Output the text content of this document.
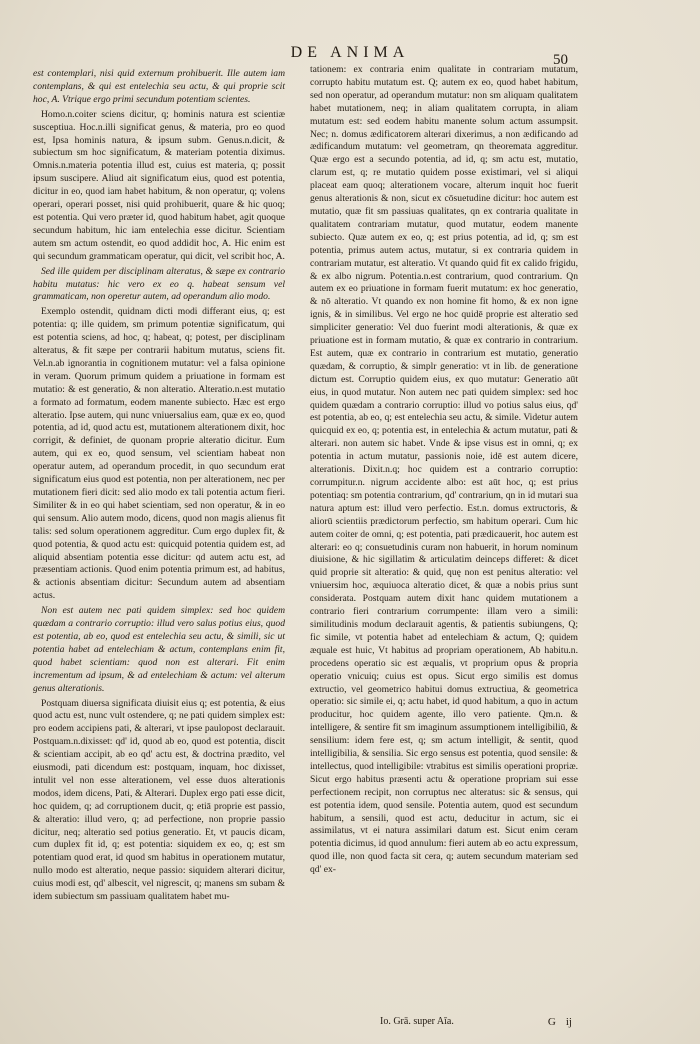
DE ANIMA	50

est contemplari, nisi quid externum prohibuerit. Ille autem iam contemplans, & qui est entelechia seu actu, & qui proprie scit hoc, A. Vtrique ergo primi secundum potentiam scientes.

Homo.n.coiter sciens dicitur, q; hominis natura est scientiæ susceptiua. Hoc.n.illi significat genus, & materia, pro eo quod est, Ipsa hominis natura, & ipsum subm. Genus.n.dicit, & subiectum sm hoc significatum, & materiam potentia diximus. Omnis.n.materia potentia illud est, cuius est materia, q; possit ipsum suscipere. Aliud ait significatum eius, quod est potentia, dicitur in eo, quod iam habet habitum, & non operatur, q; volens operari, operari posset, nisi quid prohibuerit, quare & hic quoq; est potentia. Qui vero præter id, quod habitum habet, agit quoque secundum habitum, hic iam entelechia esse dicitur. Scientiam autem sm actum ostendit, eo quod addidit hoc, A. Hic enim est qui secundum grammaticam operatur, qui dicit, vel scribit hoc, A.

Sed ille quidem per disciplinam alteratus, & sæpe ex contrario habitu mutatus: hic vero ex eo q. habeat sensum vel grammaticam, non operetur autem, ad operandum alio modo.

Exemplo ostendit, quidnam dicti modi differant eius, q; est potentia: q; ille quidem, sm primum potentiæ significatum, qui est potentia sciens, ad hoc, q; habeat, q; potest, per disciplinam alteratus, & fit sæpe per contrarii habitum mutatus, sciens fit. Vel.n.ab ignorantia in cognitionem mutatur: vel a falsa opinione in veram. Quorum primum quidem a priuatione in formam est mutatio: & est generatio, & non alteratio. Alteratio.n.est mutatio a formato ad formatum, eodem manente subiecto. Hæc est ergo alteratio. Ipse autem, qui nunc vniuersalius eam, quæ ex eo, quod potentia, ad id, quod actu est, mutationem alterationem dixit, hoc corrigit, & definiet, de quonam proprie alteratio dicitur. Eum autem, qui ex eo, quod sensum, vel scientiam habeat non operatur autem, ad operandum procedit, in quo secundum erat significatum eius quod est potentia, non per alterationem, nec per mutationem fieri dicit: sed alio modo ex tali potentia actum fieri. Similiter & in eo qui habet scientiam, sed non operatur, & in eo qui sensum. Alio autem modo, dicens, quod non magis alienus fit talis: sed solum operationem aggreditur. Cum ergo duplex fit, & quod potentia, & quod actu est: quicquid potentia quidem est, ad aliquid absentiam potentia esse dicitur: qd autem actu est, ad præsentiam actionis. Quod enim potentia primum est, ad habitus, & actionis absentiam dicitur: Secundum autem ad absentiam actus.

Non est autem nec pati quidem simplex: sed hoc quidem quædam a contrario corruptio: illud vero salus potius eius, quod est potentia, ab eo, quod est entelechia seu actu, & simili, sic ut potentia habet ad entelechiam & actum, contemplans enim fit, quod habet scientiam: quod non est alterari. Fit enim incrementum ad ipsum, & ad entelechiam & actum: vel alterum genus alterationis.

Postquam diuersa significata diuisit eius q; est potentia, & eius quod actu est, nunc vult ostendere, q; ne pati quidem simplex est: pro eodem accipiens pati, & alterari, vt ipse paulopost declarauit. Postquam.n.dixisset: qd' id, quod ab eo, quod est potentia, discit & scientiam accipit, ab eo qd' actu est, & doctrina prædito, vel eiusmodi, pati dicendum est: postquam, inquam, hoc dixisset, intulit vel non esse alterationem, vel esse duos alterationis modos, idem dicens, Pati, & Alterari. Duplex ergo pati esse dicit, hoc quidem, q; ad corruptionem ducit, q; etiā proprie est passio, & alteratio: illud vero, q; ad perfectione, non proprie passio dicitur, neq; alteratio sed potius generatio. Et, vt paucis dicam, cum duplex fit id, q; est potentia: siquidem ex eo, q; est sm potentiam quod erat, id quod sm habitus in operationem mutatur, nullo modo est alteratio, neque passio: siquidem alterari dicitur, cuius modi est, qd' albescit, vel nigrescit, q; manens sm subam & idem subiectum sm passiuam qualitatem habet mu-

tationem: ex contraria enim qualitate in contrariam mutatum, corrupto habitu mutatum est. Q; autem ex eo, quod habet habitum, sed non operatur, ad operandum mutatur: non sm aliquam qualitatem habet mutationem, neq; in aliam qualitatem corrupta, in aliam mutatum est: sed eodem habitu manente solum actum assumpsit. Nec; n. domus ædificatorem alterari dixerimus, a non ædificando ad ædificandum mutatum: vel geometram, qn theoremata aggreditur. Quæ ergo est a secundo potentia, ad id, q; sm actu est, mutatio, clarum est, q; re mutatio quidem posse existimari, vel si aliqui placeat eam quoq; alterationem vocare, alterum inquit hoc fuerit genus alterationis & non, sicut ex cōsuetudine dicitur: hoc autem est mutatio, quæ fit sm passiuas qualitates, qn ex contraria qualitate in qualitatem contrariam mutatur, quod mutatur, eodem manente subiecto. Quæ autem ex eo, q; est prius potentia, ad id, q; sm est potentia, primus autem actus, mutatur, si ex contraria quidem in contrariam mutatur, est alteratio. Vt quando quid fit ex calido frigidu, & ex albo nigrum. Potentia.n.est contrarium, quod contrarium. Qn autem ex eo priuatione in formam fuerit mutatum: ex hoc generatio, & nō alteratio. Vt quando ex non homine fit homo, & ex non igne ignis, & in similibus. Vel ergo ne hoc quidē proprie est alteratio sed simpliciter generatio: Vel duo fuerint modi alterationis, & quæ ex priuatione est in formam mutatio, & quæ ex contrario in contrarium. Est autem, quæ ex contrario in contrarium est mutatio, generatio quædam, & corruptio, & simplr generatio: vt in lib. de generatione dictum est. Corruptio quidem eius, ex quo mutatur: Generatio aūt eius, in quod mutatur. Non autem nec pati quidem simplex: sed hoc quidem quædam a contrario corruptio: illud vo potius salus eius, qd' est potentia, ab eo, q; est entelechia seu actu, & simile. Videtur autem quicquid ex eo, q; potentia est, in entelechia & actum mutatur, pati & alterari. non autem sic habet. Vnde & ipse visus est in omni, q; ex potentia in actum mutatur, passionis noie, idē est autem dicere, alterationis. Dixit.n.q; hoc quidem est a contrario corruptio: corrumpitur.n. nigrum accidente albo: est aūt hoc, q; est prius potentiaq: sm potentia contrarium, qd' contrarium, qn in id mutari sua natura aptum est: illud vero perfectio. Est.n. domus extructoris, & aliorū scientiis prædictorum perfectio, sm habitum operari. Cum hic autem coiter de omni, q; est potentia, pati prædicauerit, hoc autem est alterari: eo q; consuetudinis curam non habuerit, in horum nominum diuisione, & hic sigillatim & articulatim deinceps differet: & dicet quid proprie sit alteratio: & quid, quę non est penitus alteratio: vel vniuersim hoc, æquiuoca alteratio dicet, & quæ a nobis prius sunt considerata. Postquam autem dixit hanc quidem mutationem a contrario fieri contrarium corrumpente: illam vero a simili: similitudinis modum declarauit agentis, & patientis subiungens, Q; fic simile, vt potentia habet ad entelechiam & actum, Q; quidem æquale est huic, Vt habitus ad propriam operationem, Ab habitu.n. procedens operatio sic est æqualis, vt proprium opus & propria operatio vnicuiq; cuius est opus. Sicut ergo similis est domus extructio, vel geometrico habitui domus extructiua, & geometrica operatio: sic simile ei, q; actu habet, id quod habitum, a quo in actum producitur, hoc quidem agente, illo vero patiente. Qm.n. & intelligere, & sentire fit sm imaginum assumptionem intelligibiliū, & sensilium: idem fere est, q; sm actum intelligit, & sentit, quod intelligibilia, & sensilia. Sic ergo sensus est potentia, quod sensile: & intellectus, quod intelligibile: vtrabitus est similis operationi propriæ. Sicut ergo habitus præsenti actu & operatione propriam sui esse perfectionem recipit, non corruptus nec alteratus: sic & sensus, qui est potentia idem, quod sensile. Potentia autem, quod est secundum habitum, a sensili, quod est actu, deducitur in actum, sic ei assimilatus, vt ei natura assimilari datum est. Sicut enim ceram potentia dicimus, id quod annulum: fieri autem ab eo actu expressum, quod ille, non quod facta sit cera, q; autem secundum materiam sed qd' ex-

Io. Grā. super Aīa.	G ij
